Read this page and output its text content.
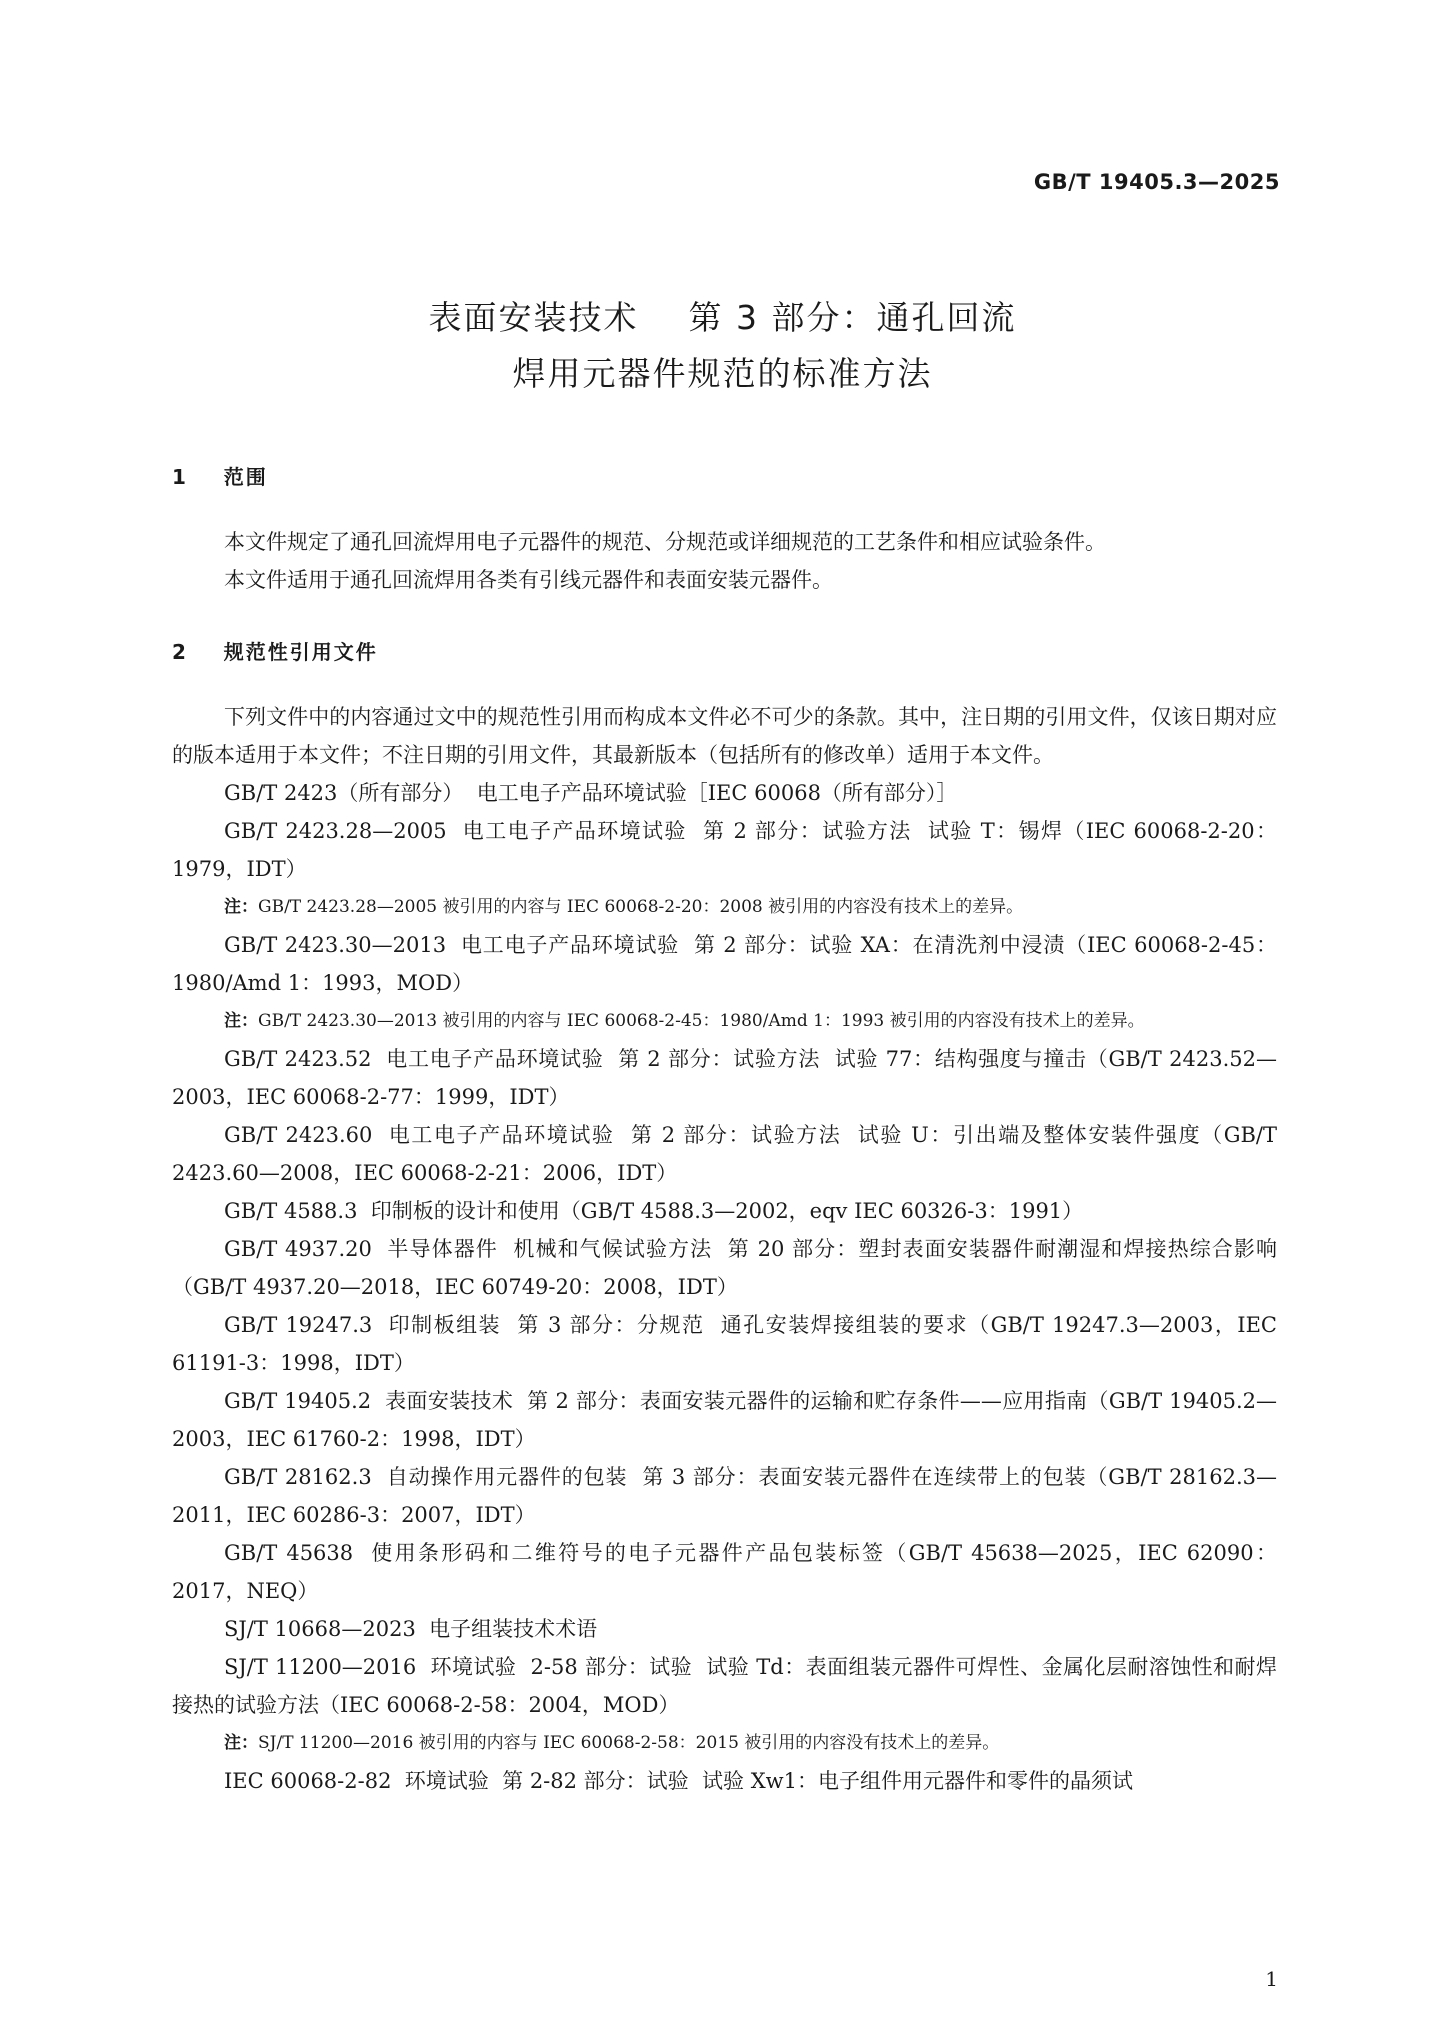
GB/T 19405.3—2025
表面安装技术    第 3 部分：通孔回流
焊用元器件规范的标准方法

1    范围

本文件规定了通孔回流焊用电子元器件的规范、分规范或详细规范的工艺条件和相应试验条件。

本文件适用于通孔回流焊用各类有引线元器件和表面安装元器件。

2    规范性引用文件

下列文件中的内容通过文中的规范性引用而构成本文件必不可少的条款。其中，注日期的引用文件，仅该日期对应的版本适用于本文件；不注日期的引用文件，其最新版本（包括所有的修改单）适用于本文件。

GB/T 2423（所有部分）  电工电子产品环境试验［IEC 60068（所有部分）］

GB/T 2423.28—2005  电工电子产品环境试验  第 2 部分：试验方法  试验 T：锡焊（IEC 60068-2-20：1979，IDT）

注：GB/T 2423.28—2005 被引用的内容与 IEC 60068-2-20：2008 被引用的内容没有技术上的差异。

GB/T 2423.30—2013  电工电子产品环境试验  第 2 部分：试验 XA：在清洗剂中浸渍（IEC 60068-2-45：1980/Amd 1：1993，MOD）

注：GB/T 2423.30—2013 被引用的内容与 IEC 60068-2-45：1980/Amd 1：1993 被引用的内容没有技术上的差异。

GB/T 2423.52  电工电子产品环境试验  第 2 部分：试验方法  试验 77：结构强度与撞击（GB/T 2423.52—2003，IEC 60068-2-77：1999，IDT）

GB/T 2423.60  电工电子产品环境试验  第 2 部分：试验方法  试验 U：引出端及整体安装件强度（GB/T 2423.60—2008，IEC 60068-2-21：2006，IDT）

GB/T 4588.3  印制板的设计和使用（GB/T 4588.3—2002，eqv IEC 60326-3：1991）

GB/T 4937.20  半导体器件  机械和气候试验方法  第 20 部分：塑封表面安装器件耐潮湿和焊接热综合影响（GB/T 4937.20—2018，IEC 60749-20：2008，IDT）

GB/T 19247.3  印制板组装  第 3 部分：分规范  通孔安装焊接组装的要求（GB/T 19247.3—2003，IEC 61191-3：1998，IDT）

GB/T 19405.2  表面安装技术  第 2 部分：表面安装元器件的运输和贮存条件——应用指南（GB/T 19405.2—2003，IEC 61760-2：1998，IDT）

GB/T 28162.3  自动操作用元器件的包装  第 3 部分：表面安装元器件在连续带上的包装（GB/T 28162.3—2011，IEC 60286-3：2007，IDT）

GB/T 45638  使用条形码和二维符号的电子元器件产品包装标签（GB/T 45638—2025，IEC 62090：2017，NEQ）

SJ/T 10668—2023  电子组装技术术语

SJ/T 11200—2016  环境试验  2-58 部分：试验  试验 Td：表面组装元器件可焊性、金属化层耐溶蚀性和耐焊接热的试验方法（IEC 60068-2-58：2004，MOD）

注：SJ/T 11200—2016 被引用的内容与 IEC 60068-2-58：2015 被引用的内容没有技术上的差异。

IEC 60068-2-82  环境试验  第 2-82 部分：试验  试验 Xw1：电子组件用元器件和零件的晶须试

1
